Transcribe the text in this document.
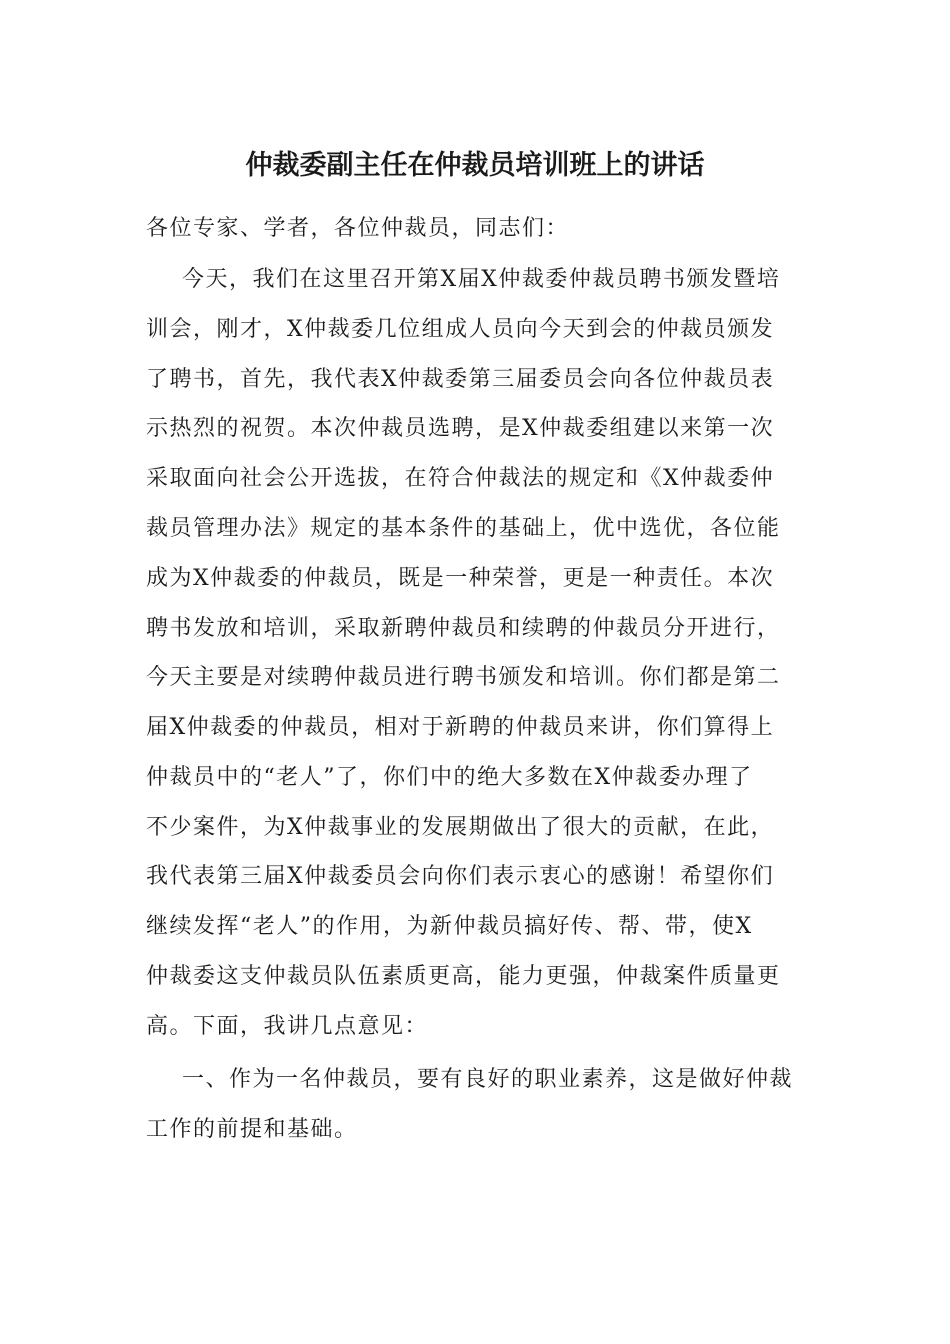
仲裁委副主任在仲裁员培训班上的讲话

各位专家、学者，各位仲裁员，同志们：

今天，我们在这里召开第X届X仲裁委仲裁员聘书颁发暨培

训会，刚才，X仲裁委几位组成人员向今天到会的仲裁员颁发

了聘书，首先，我代表X仲裁委第三届委员会向各位仲裁员表

示热烈的祝贺。本次仲裁员选聘，是X仲裁委组建以来第一次

采取面向社会公开选拔，在符合仲裁法的规定和《X仲裁委仲

裁员管理办法》规定的基本条件的基础上，优中选优，各位能

成为X仲裁委的仲裁员，既是一种荣誉，更是一种责任。本次

聘书发放和培训，采取新聘仲裁员和续聘的仲裁员分开进行，

今天主要是对续聘仲裁员进行聘书颁发和培训。你们都是第二

届X仲裁委的仲裁员，相对于新聘的仲裁员来讲，你们算得上

仲裁员中的“老人”了，你们中的绝大多数在X仲裁委办理了

不少案件，为X仲裁事业的发展期做出了很大的贡献，在此，

我代表第三届X仲裁委员会向你们表示衷心的感谢！希望你们

继续发挥“老人”的作用，为新仲裁员搞好传、帮、带，使X

仲裁委这支仲裁员队伍素质更高，能力更强，仲裁案件质量更

高。下面，我讲几点意见：

一、作为一名仲裁员，要有良好的职业素养，这是做好仲裁

工作的前提和基础。
